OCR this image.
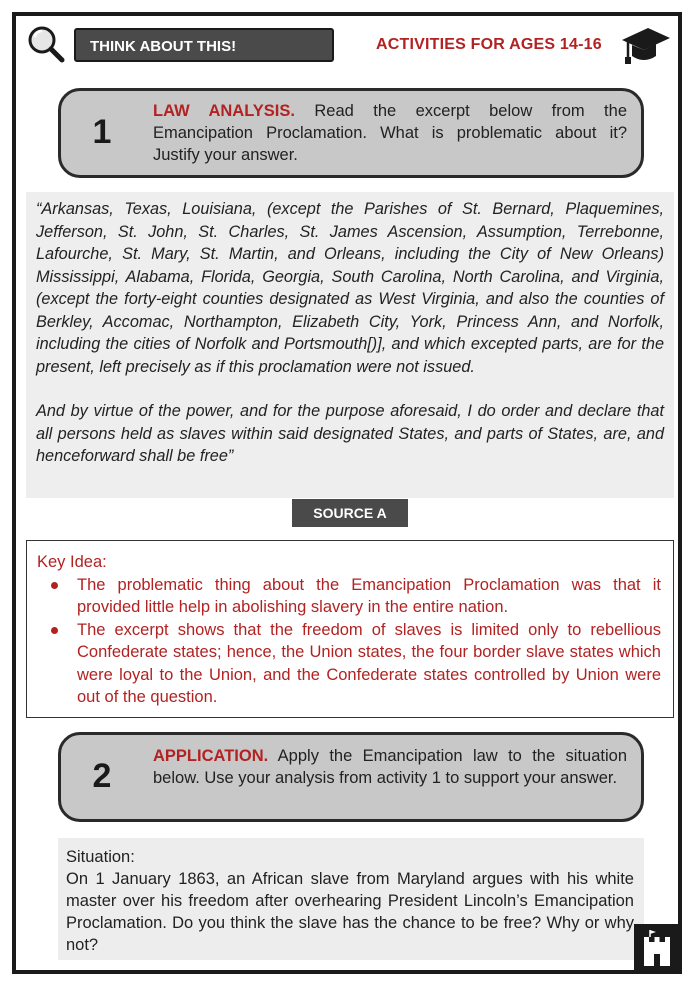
THINK ABOUT THIS!	ACTIVITIES FOR AGES 14-16
1
LAW ANALYSIS. Read the excerpt below from the Emancipation Proclamation. What is problematic about it? Justify your answer.

“Arkansas, Texas, Louisiana, (except the Parishes of St. Bernard, Plaquemines, Jefferson, St. John, St. Charles, St. James Ascension, Assumption, Terrebonne, Lafourche, St. Mary, St. Martin, and Orleans, including the City of New Orleans) Mississippi, Alabama, Florida, Georgia, South Carolina, North Carolina, and Virginia, (except the forty-eight counties designated as West Virginia, and also the counties of Berkley, Accomac, Northampton, Elizabeth City, York, Princess Ann, and Norfolk, including the cities of Norfolk and Portsmouth[)], and which excepted parts, are for the present, left precisely as if this proclamation were not issued.

And by virtue of the power, and for the purpose aforesaid, I do order and declare that all persons held as slaves within said designated States, and parts of States, are, and henceforward shall be free”

SOURCE A
Key Idea:
The problematic thing about the Emancipation Proclamation was that it provided little help in abolishing slavery in the entire nation.
The excerpt shows that the freedom of slaves is limited only to rebellious Confederate states; hence, the Union states, the four border slave states which were loyal to the Union, and the Confederate states controlled by Union were out of the question.
2
APPLICATION. Apply the Emancipation law to the situation below. Use your analysis from activity 1 to support your answer.

Situation:

On 1 January 1863, an African slave from Maryland argues with his white master over his freedom after overhearing President Lincoln’s Emancipation Proclamation. Do you think the slave has the chance to be free? Why or why not?
